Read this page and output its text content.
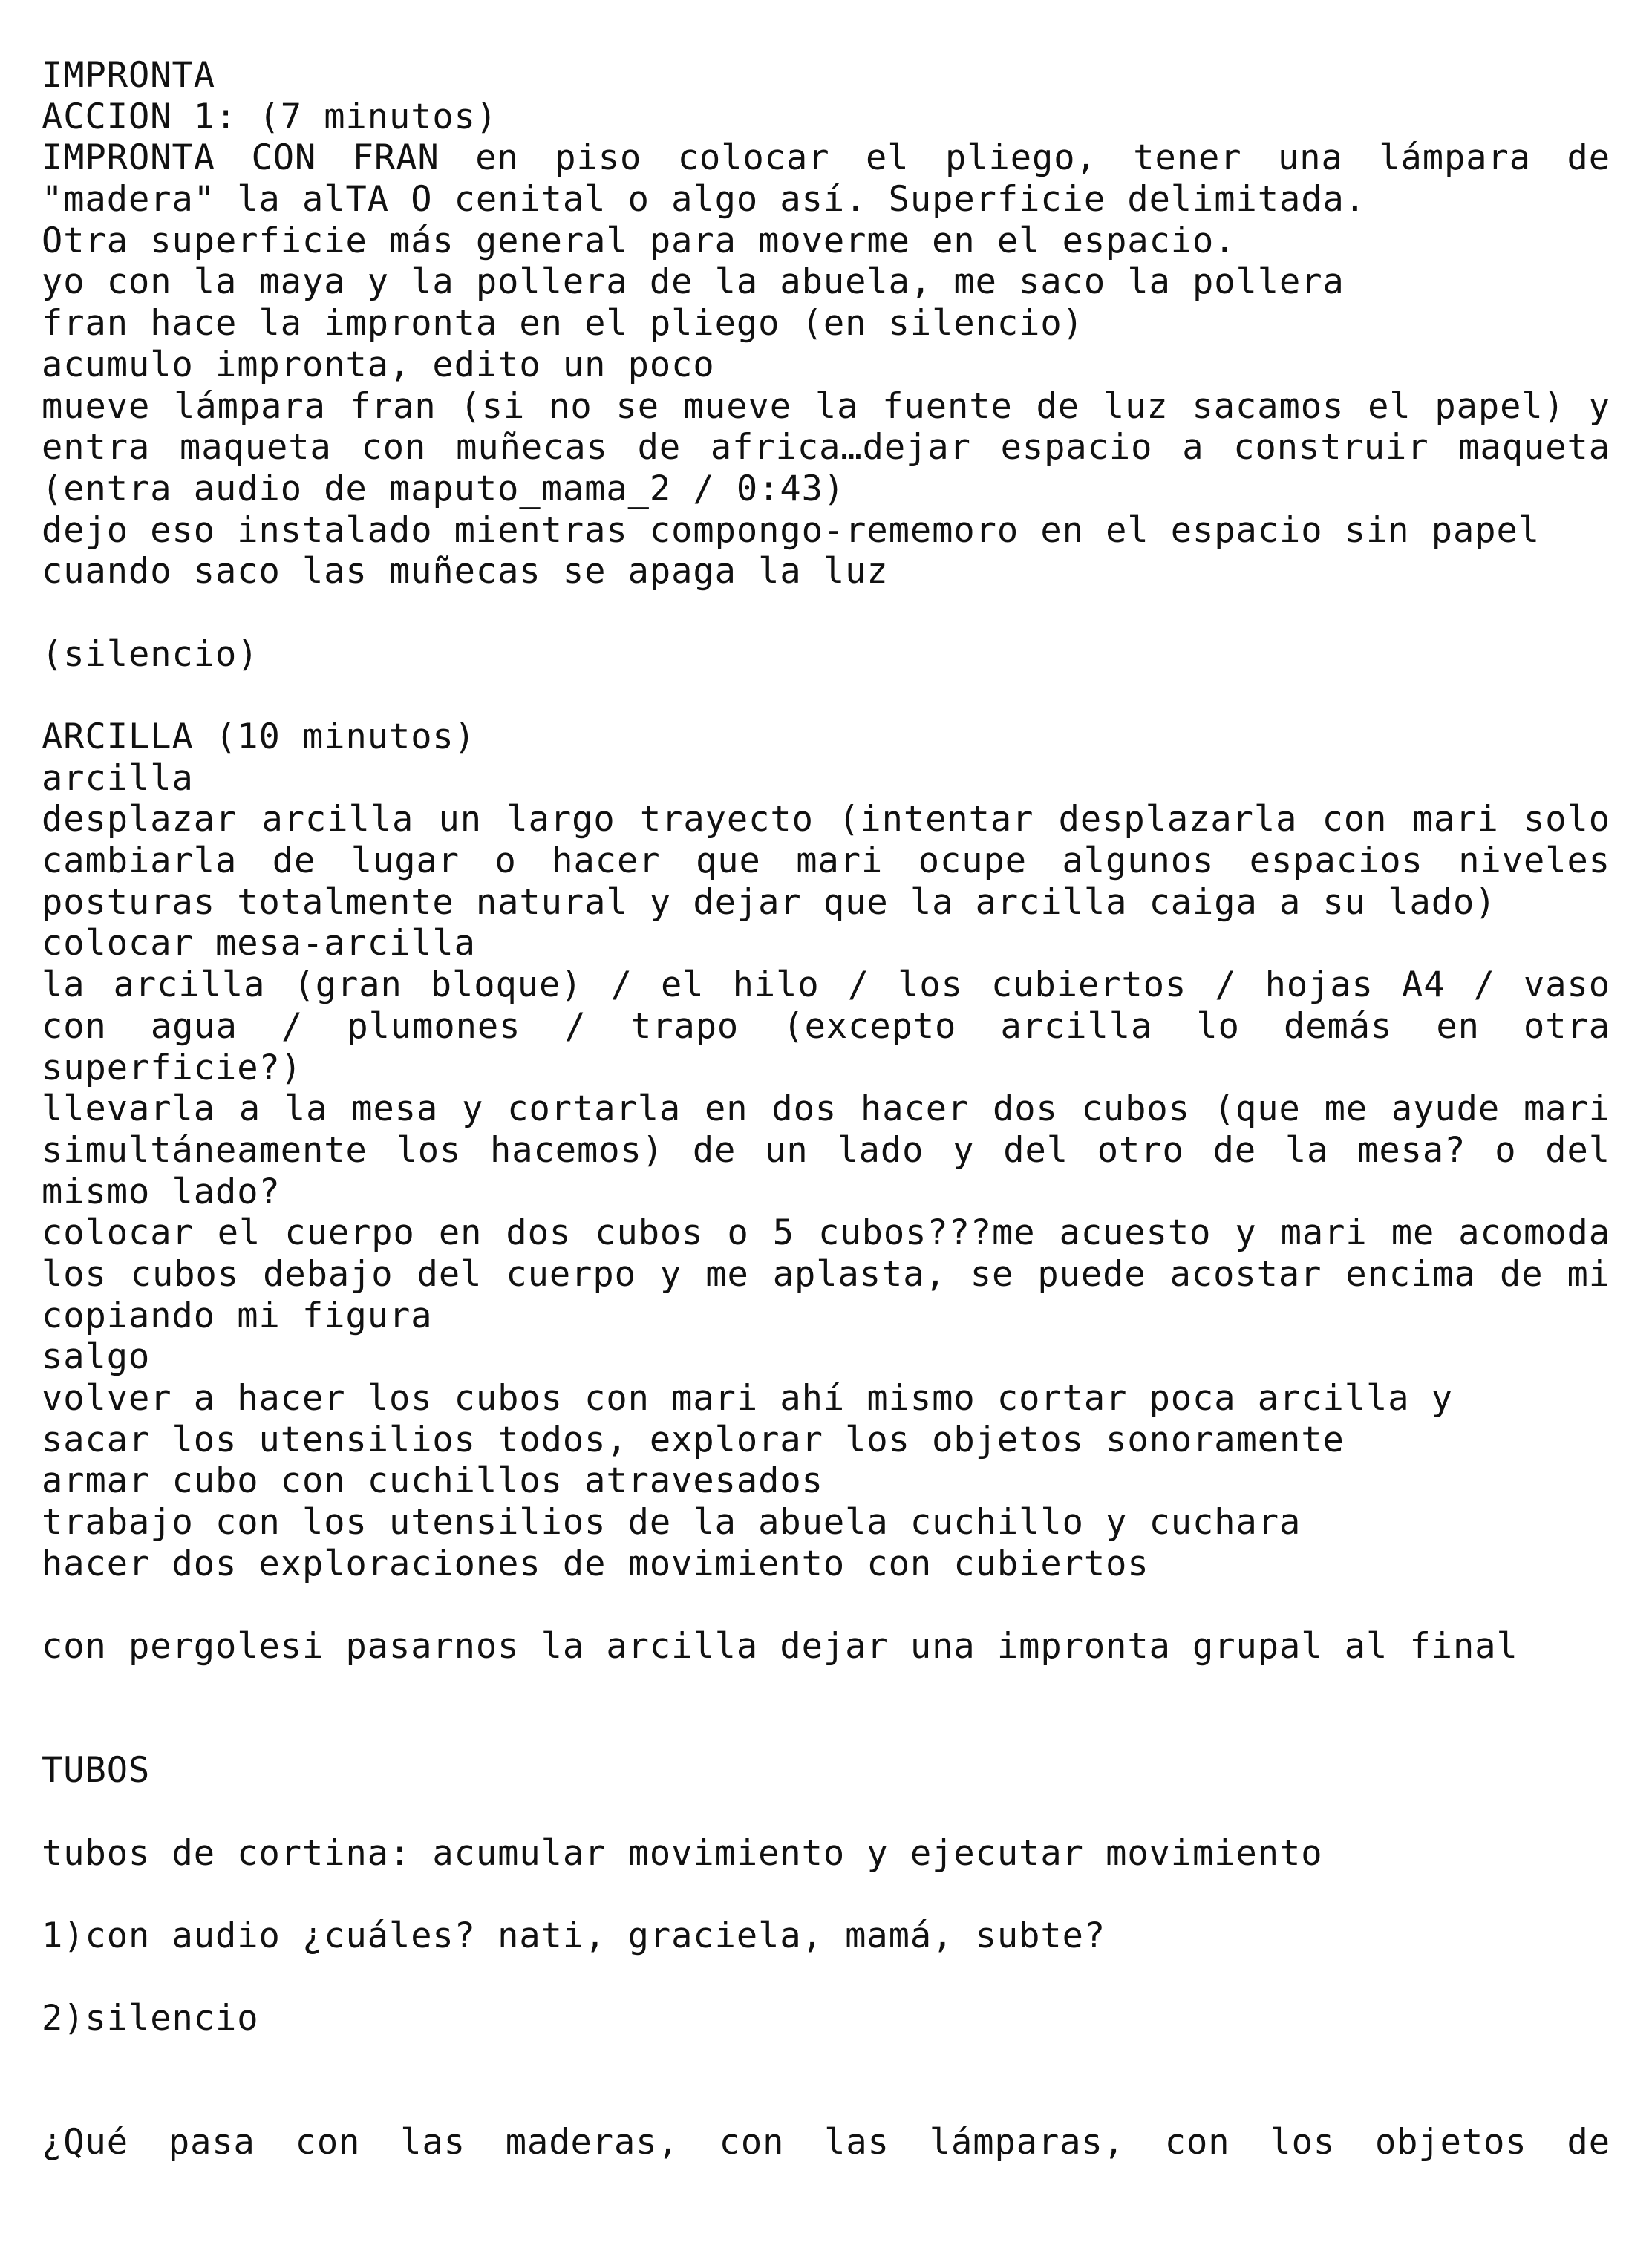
IMPRONTA
ACCION 1: (7 minutos)
IMPRONTA CON FRAN en piso colocar el pliego, tener una lámpara de
"madera" la alTA O cenital o algo así. Superficie delimitada.
Otra superficie más general para moverme en el espacio.
yo con la maya y la pollera de la abuela, me saco la pollera
fran hace la impronta en el pliego (en silencio)
acumulo impronta, edito un poco
mueve lámpara fran (si no se mueve la fuente de luz sacamos el papel) y
entra maqueta con muñecas de africa…dejar espacio a construir maqueta
(entra audio de maputo_mama_2 / 0:43)
dejo eso instalado mientras compongo-rememoro en el espacio sin papel
cuando saco las muñecas se apaga la luz
(silencio)
ARCILLA (10 minutos)
arcilla
desplazar arcilla un largo trayecto (intentar desplazarla con mari solo
cambiarla de lugar o hacer que mari ocupe algunos espacios niveles
posturas totalmente natural y dejar que la arcilla caiga a su lado)
colocar mesa-arcilla
la arcilla (gran bloque) / el hilo / los cubiertos / hojas A4 / vaso
con agua / plumones / trapo (excepto arcilla lo demás en otra
superficie?)
llevarla a la mesa y cortarla en dos hacer dos cubos (que me ayude mari
simultáneamente los hacemos) de un lado y del otro de la mesa? o del
mismo lado?
colocar el cuerpo en dos cubos o 5 cubos???me acuesto y mari me acomoda
los cubos debajo del cuerpo y me aplasta, se puede acostar encima de mi
copiando mi figura
salgo
volver a hacer los cubos con mari ahí mismo cortar poca arcilla y
sacar los utensilios todos, explorar los objetos sonoramente
armar cubo con cuchillos atravesados
trabajo con los utensilios de la abuela cuchillo y cuchara
hacer dos exploraciones de movimiento con cubiertos
con pergolesi pasarnos la arcilla dejar una impronta grupal al final
TUBOS
tubos de cortina: acumular movimiento y ejecutar movimiento
1)con audio ¿cuáles? nati, graciela, mamá, subte?
2)silencio
¿Qué pasa con las maderas, con las lámparas, con los objetos de
